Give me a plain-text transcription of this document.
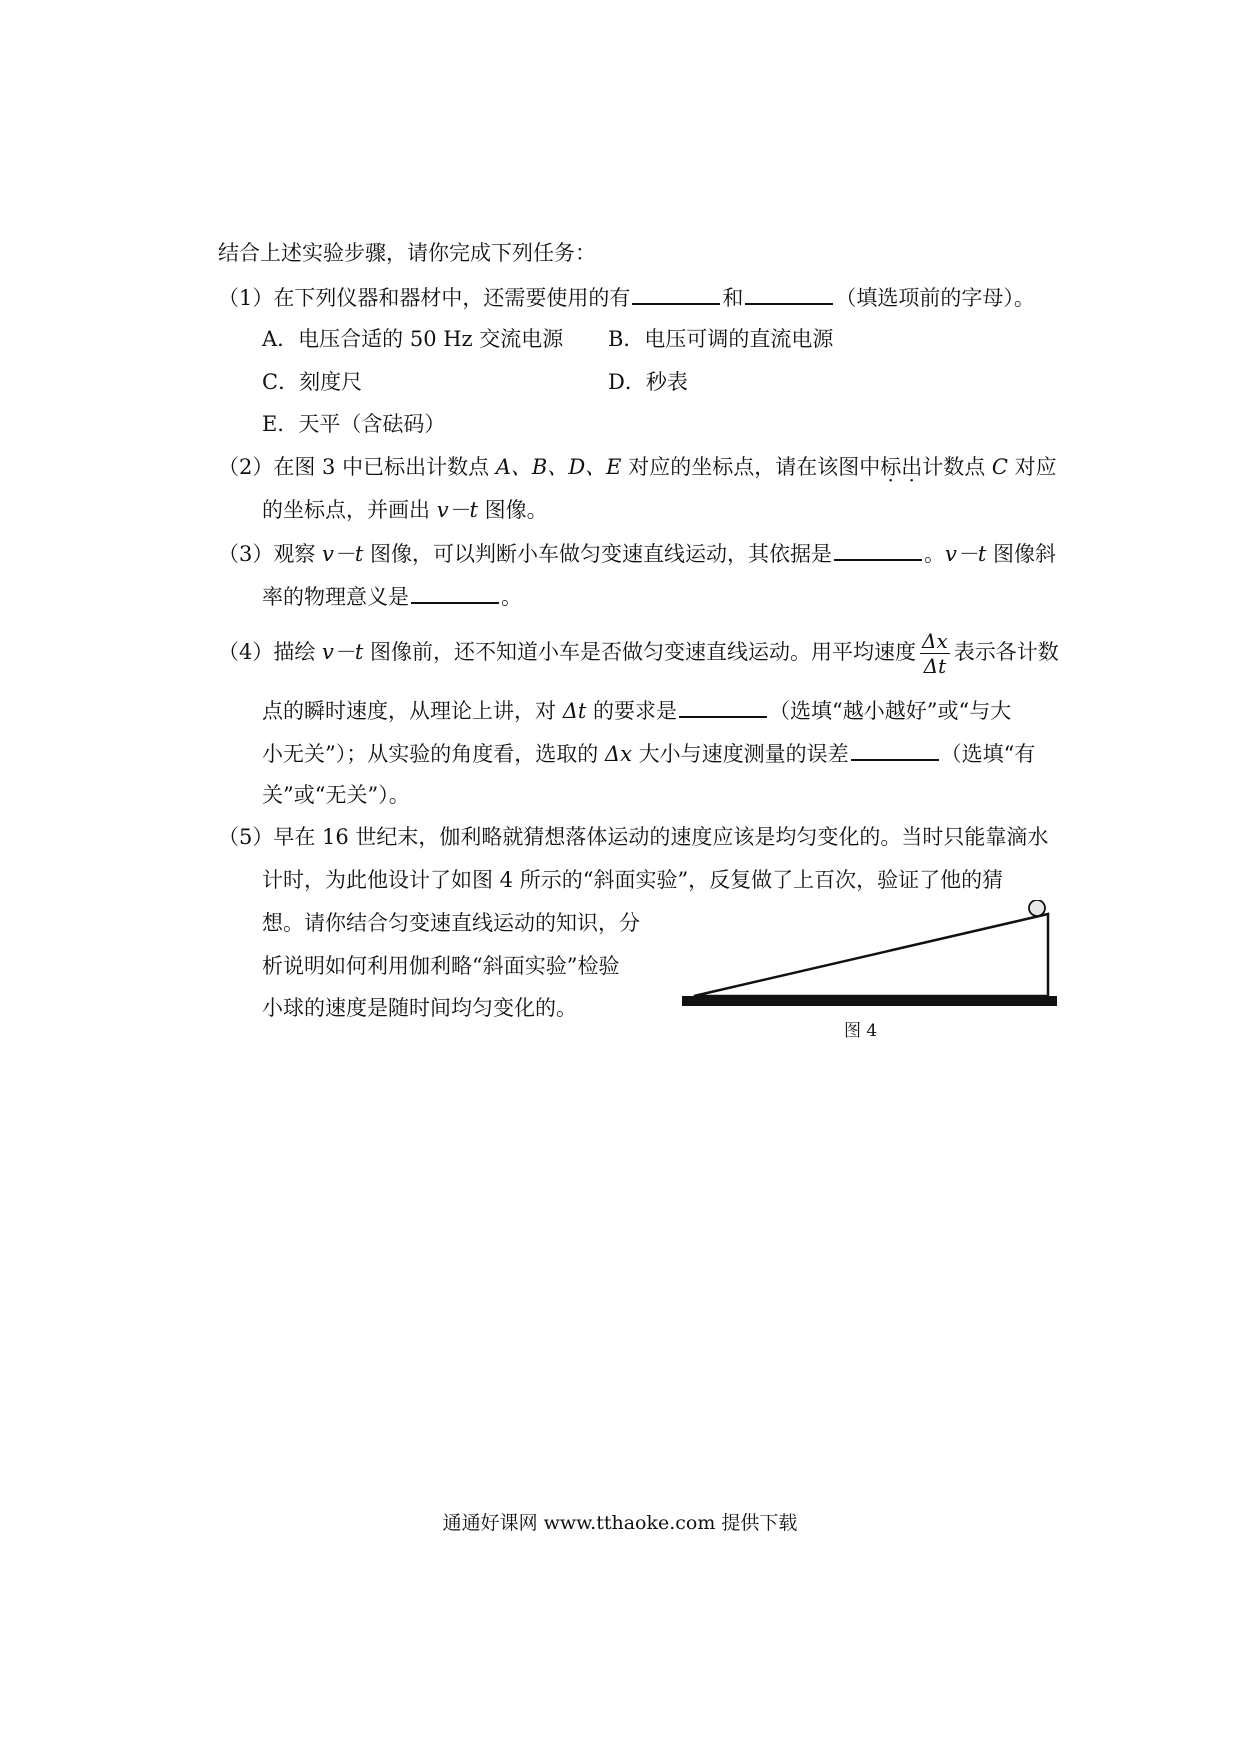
结合上述实验步骤，请你完成下列任务：
（1）在下列仪器和器材中，还需要使用的有	和	（填选项前的字母）。
A．电压合适的 50 Hz 交流电源 B．电压可调的直流电源
C．刻度尺	D．秒表
E．天平（含砝码）
（2）在图 3 中已标出计数点 A、B、D、E 对应的坐标点，请在该图中标出计数点 C 对应
的坐标点，并画出 v－t 图像。
（3）观察 v－t 图像，可以判断小车做匀变速直线运动，其依据是	。v－t 图像斜
率的物理意义是	。
（4）描绘 v－t 图像前，还不知道小车是否做匀变速直线运动。用平均速度 $\frac{\Delta x}{\Delta t}$ 表示各计数
点的瞬时速度，从理论上讲，对 Δt 的要求是	（选填“越小越好”或“与大
小无关”）；从实验的角度看，选取的 Δx 大小与速度测量的误差	（选填“有
关”或“无关”）。
（5）早在 16 世纪末，伽利略就猜想落体运动的速度应该是均匀变化的。当时只能靠滴水
计时，为此他设计了如图 4 所示的“斜面实验”，反复做了上百次，验证了他的猜
想。请你结合匀变速直线运动的知识，分
析说明如何利用伽利略“斜面实验”检验
小球的速度是随时间均匀变化的。
图 4
通通好课网 www.tthaoke.com 提供下载
